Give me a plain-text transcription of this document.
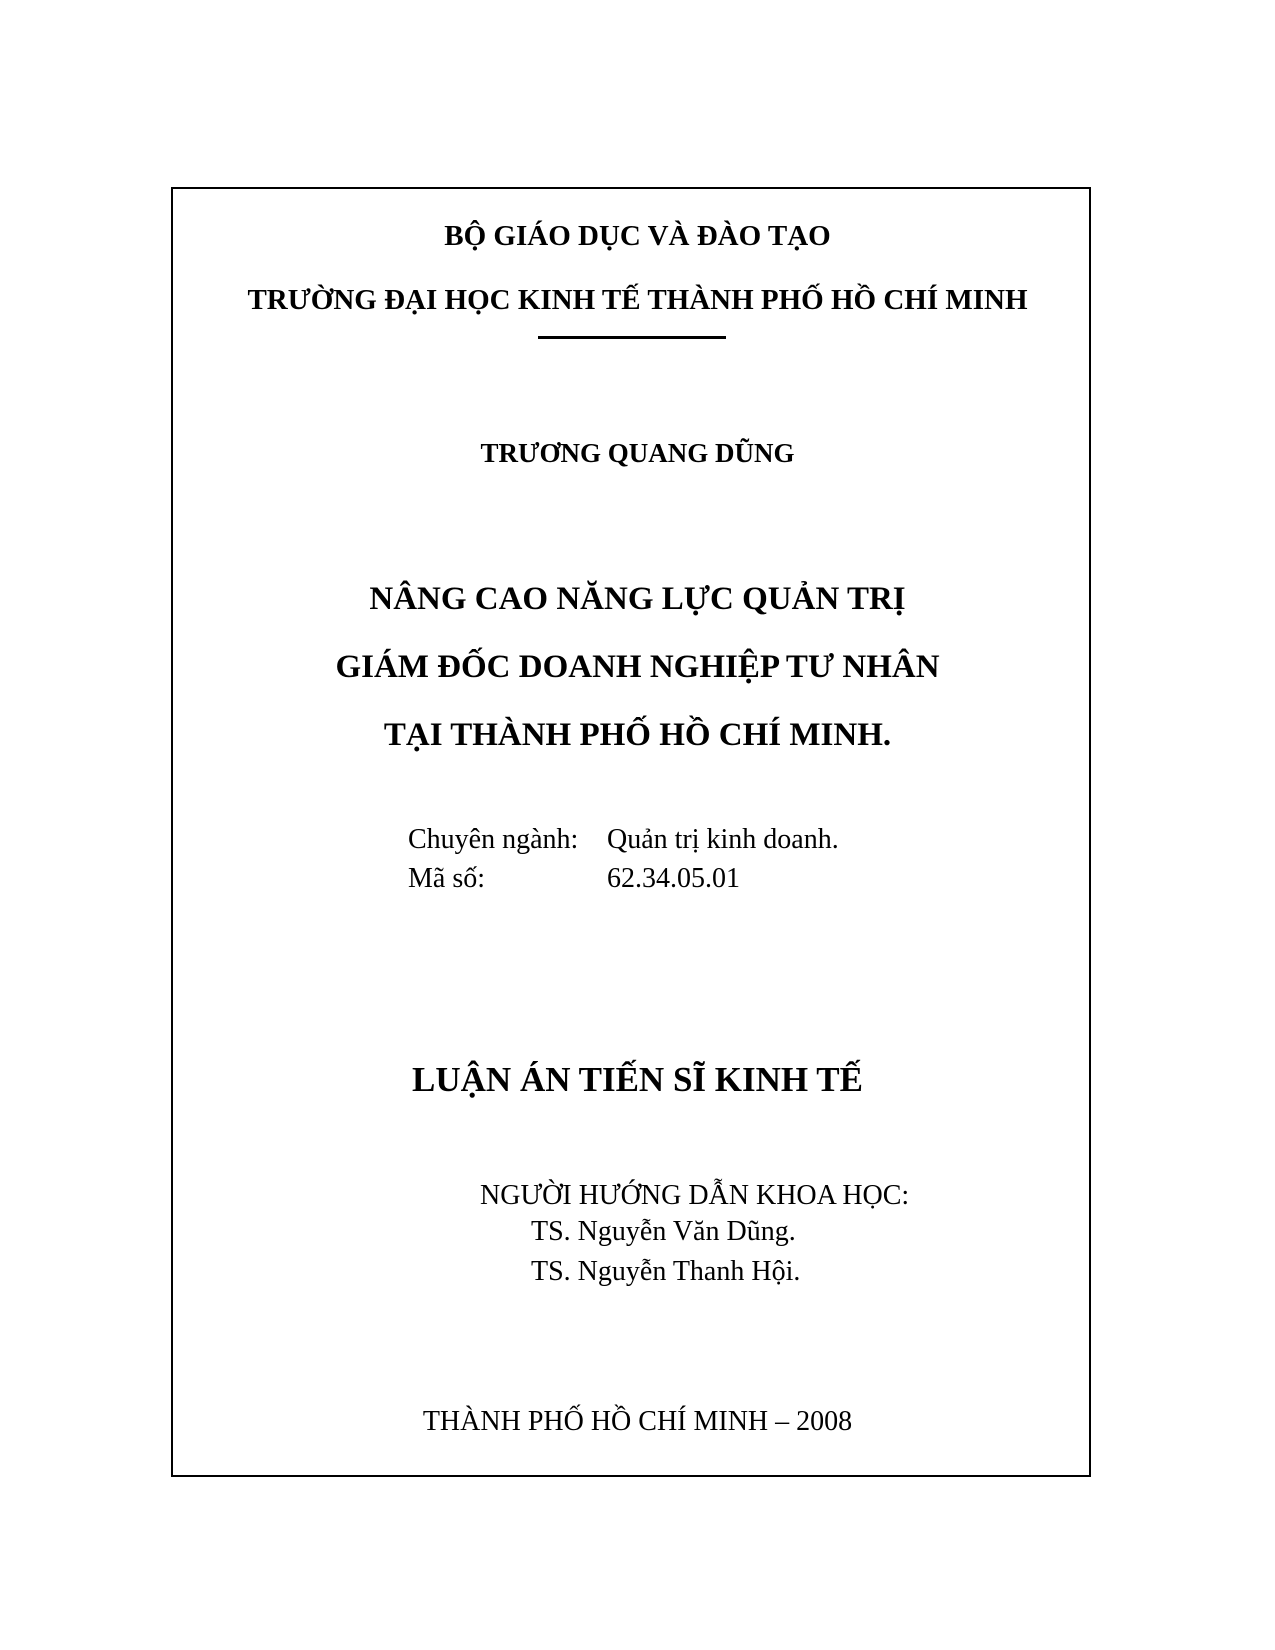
BỘ GIÁO DỤC VÀ ĐÀO TẠO
TRƯỜNG ĐẠI HỌC KINH TẾ THÀNH PHỐ HỒ CHÍ MINH
TRƯƠNG QUANG DŨNG
NÂNG CAO NĂNG LỰC QUẢN TRỊ
GIÁM ĐỐC DOANH NGHIỆP TƯ NHÂN
TẠI THÀNH PHỐ HỒ CHÍ MINH.
Chuyên ngành: Quản trị kinh doanh.
Mã số:	62.34.05.01
LUẬN ÁN TIẾN SĨ KINH TẾ
NGƯỜI HƯỚNG DẪN KHOA HỌC:
TS. Nguyễn Văn Dũng.
TS. Nguyễn Thanh Hội.
THÀNH PHỐ HỒ CHÍ MINH – 2008
